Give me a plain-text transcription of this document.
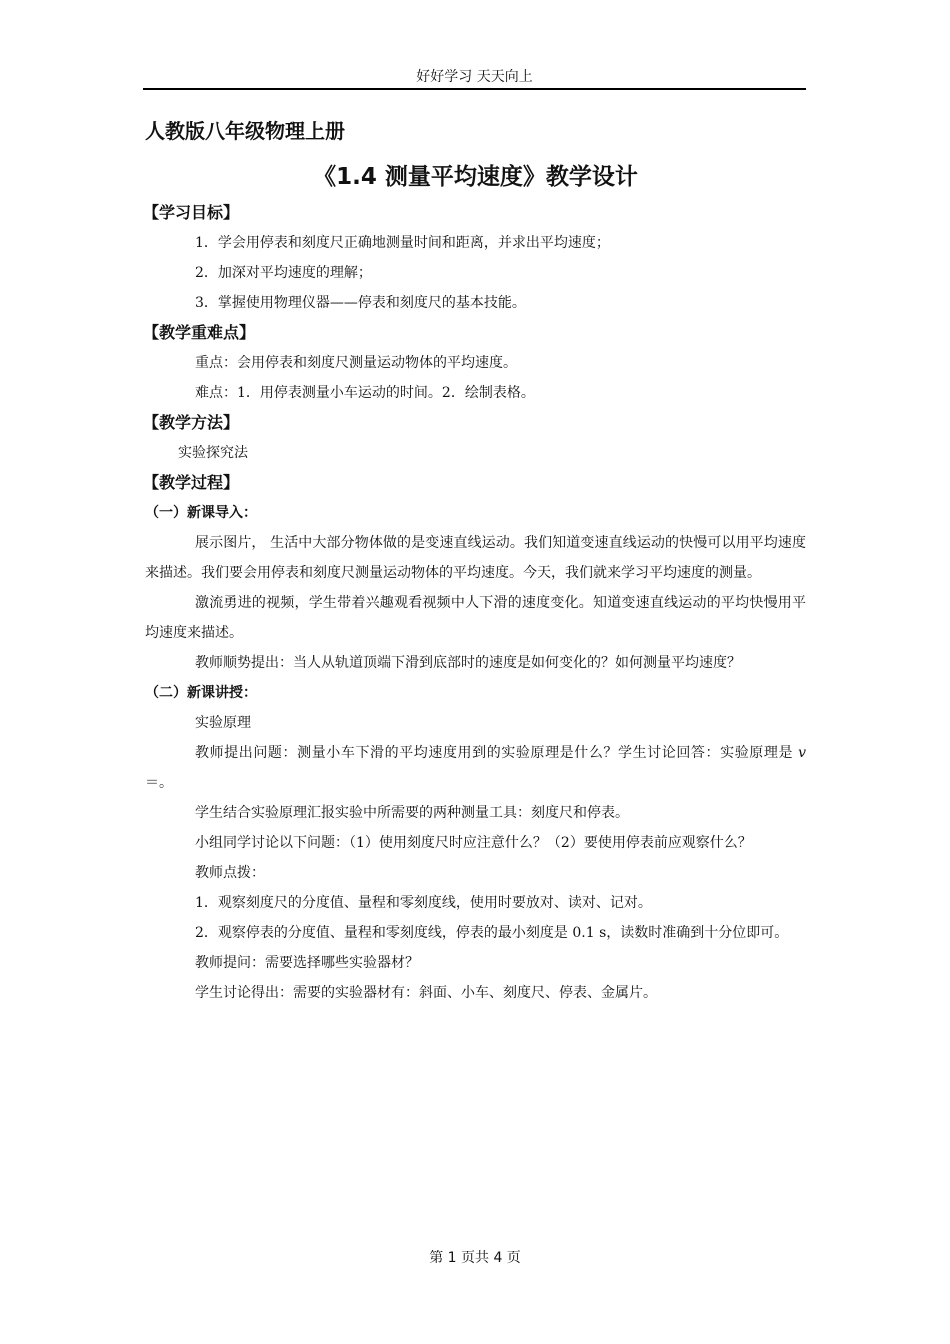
好好学习 天天向上
人教版八年级物理上册
《1.4 测量平均速度》教学设计
【学习目标】
1．学会用停表和刻度尺正确地测量时间和距离，并求出平均速度；
2．加深对平均速度的理解；
3．掌握使用物理仪器——停表和刻度尺的基本技能。
【教学重难点】
重点：会用停表和刻度尺测量运动物体的平均速度。
难点：1．用停表测量小车运动的时间。2．绘制表格。
【教学方法】
实验探究法
【教学过程】
（一）新课导入：
展示图片， 生活中大部分物体做的是变速直线运动。我们知道变速直线运动的快慢可以用平均速度来描述。我们要会用停表和刻度尺测量运动物体的平均速度。今天，我们就来学习平均速度的测量。
激流勇进的视频，学生带着兴趣观看视频中人下滑的速度变化。知道变速直线运动的平均快慢用平均速度来描述。
教师顺势提出：当人从轨道顶端下滑到底部时的速度是如何变化的？如何测量平均速度？
（二）新课讲授：
实验原理
教师提出问题：测量小车下滑的平均速度用到的实验原理是什么？学生讨论回答：实验原理是 v＝。
学生结合实验原理汇报实验中所需要的两种测量工具：刻度尺和停表。
小组同学讨论以下问题：（1）使用刻度尺时应注意什么？（2）要使用停表前应观察什么？
教师点拨：
1．观察刻度尺的分度值、量程和零刻度线，使用时要放对、读对、记对。
2．观察停表的分度值、量程和零刻度线，停表的最小刻度是 0.1 s，读数时准确到十分位即可。
教师提问：需要选择哪些实验器材？
学生讨论得出：需要的实验器材有：斜面、小车、刻度尺、停表、金属片。
第 1 页共 4 页
